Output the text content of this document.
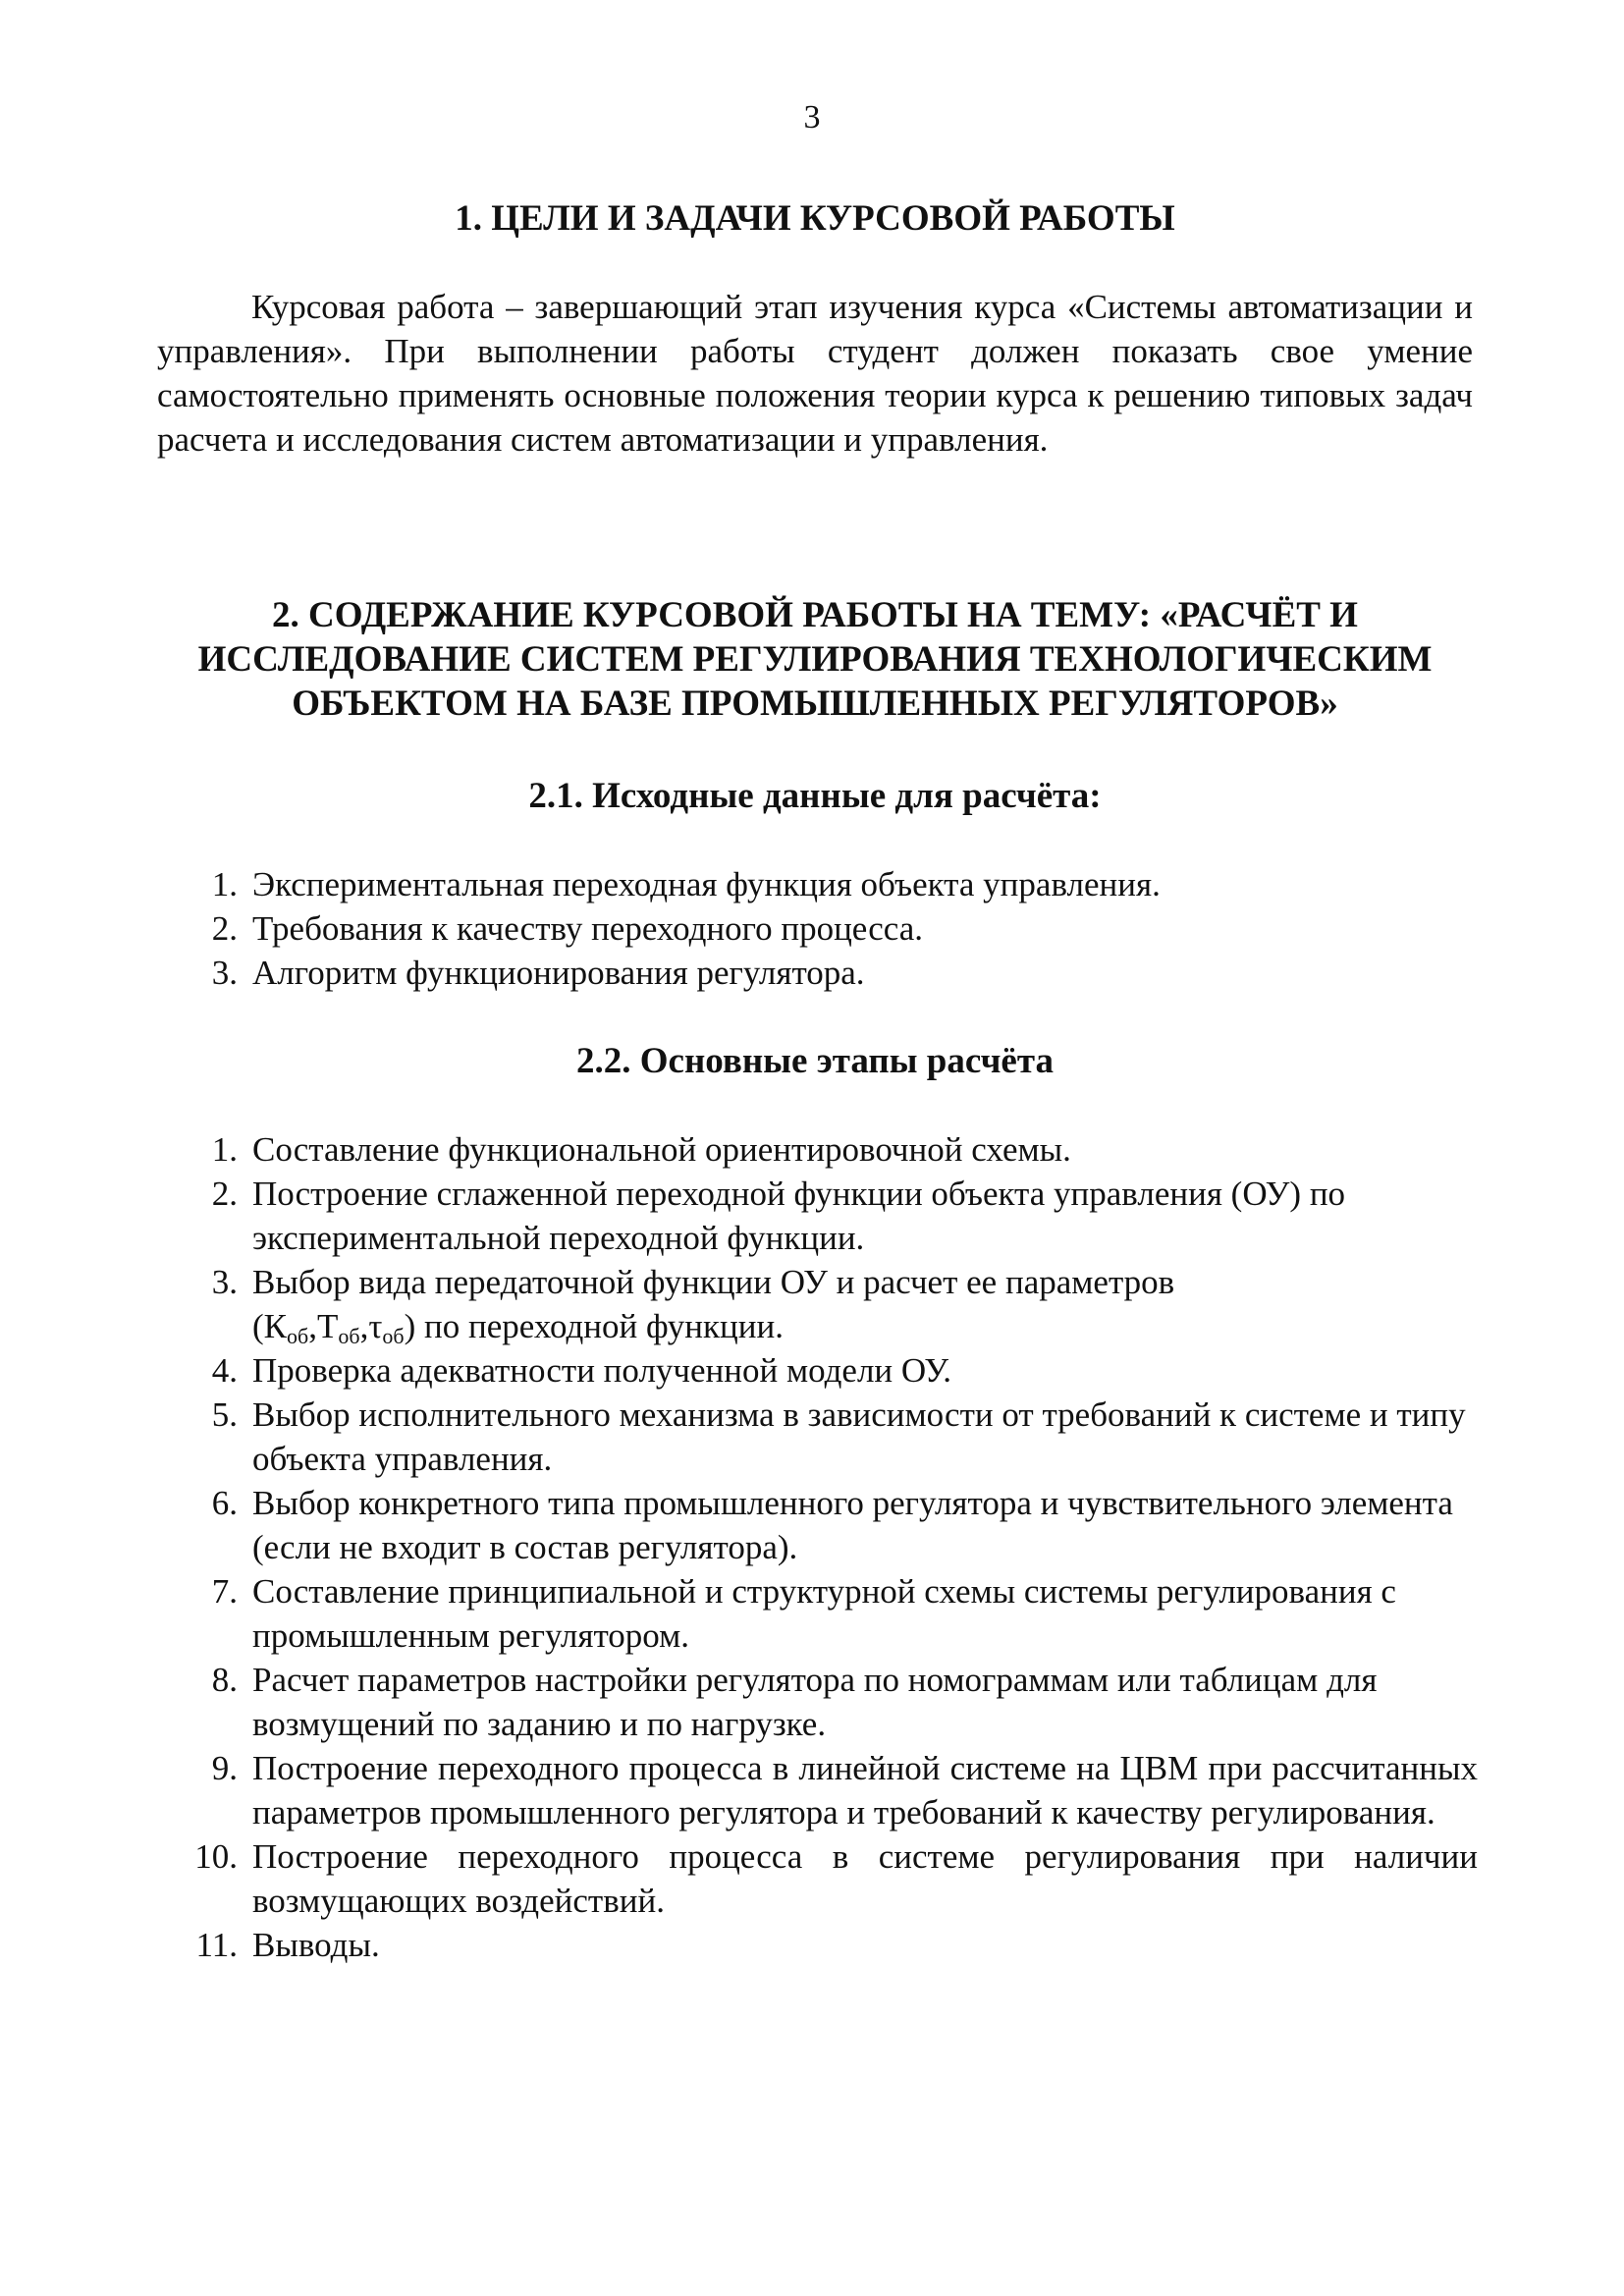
3
1. ЦЕЛИ И ЗАДАЧИ КУРСОВОЙ РАБОТЫ

Курсовая работа – завершающий этап изучения курса «Системы автоматизации и управления». При выполнении работы студент должен показать свое умение самостоятельно применять основные положения теории курса к решению типовых задач расчета и исследования систем автоматизации и управления.

2. СОДЕРЖАНИЕ КУРСОВОЙ РАБОТЫ НА ТЕМУ: «РАСЧЁТ И
ИССЛЕДОВАНИЕ СИСТЕМ РЕГУЛИРОВАНИЯ ТЕХНОЛОГИЧЕСКИМ
ОБЪЕКТОМ НА БАЗЕ ПРОМЫШЛЕННЫХ РЕГУЛЯТОРОВ»
2.1. Исходные данные для расчёта:
1. Экспериментальная переходная функция объекта управления.
2. Требования к качеству переходного процесса.
3. Алгоритм функционирования регулятора.
2.2. Основные этапы расчёта
1. Составление функциональной ориентировочной схемы.
2. Построение сглаженной переходной функции объекта управления (ОУ) по экспериментальной переходной функции.
3. Выбор вида передаточной функции ОУ и расчет ее параметров
$(К_{об},Т_{об},\tau_{об})$ по переходной функции.
4. Проверка адекватности полученной модели ОУ.
5. Выбор исполнительного механизма в зависимости от требований к системе и типу объекта управления.
6. Выбор конкретного типа промышленного регулятора и чувствительного элемента (если не входит в состав регулятора).
7. Составление принципиальной и структурной схемы системы регулирования с промышленным регулятором.
8. Расчет параметров настройки регулятора по номограммам или таблицам для возмущений по заданию и по нагрузке.
9. Построение переходного процесса в линейной системе на ЦВМ при рассчитанных параметров промышленного регулятора и требований к качеству регулирования.
10. Построение переходного процесса в системе регулирования при наличии возмущающих воздействий.
11. Выводы.
